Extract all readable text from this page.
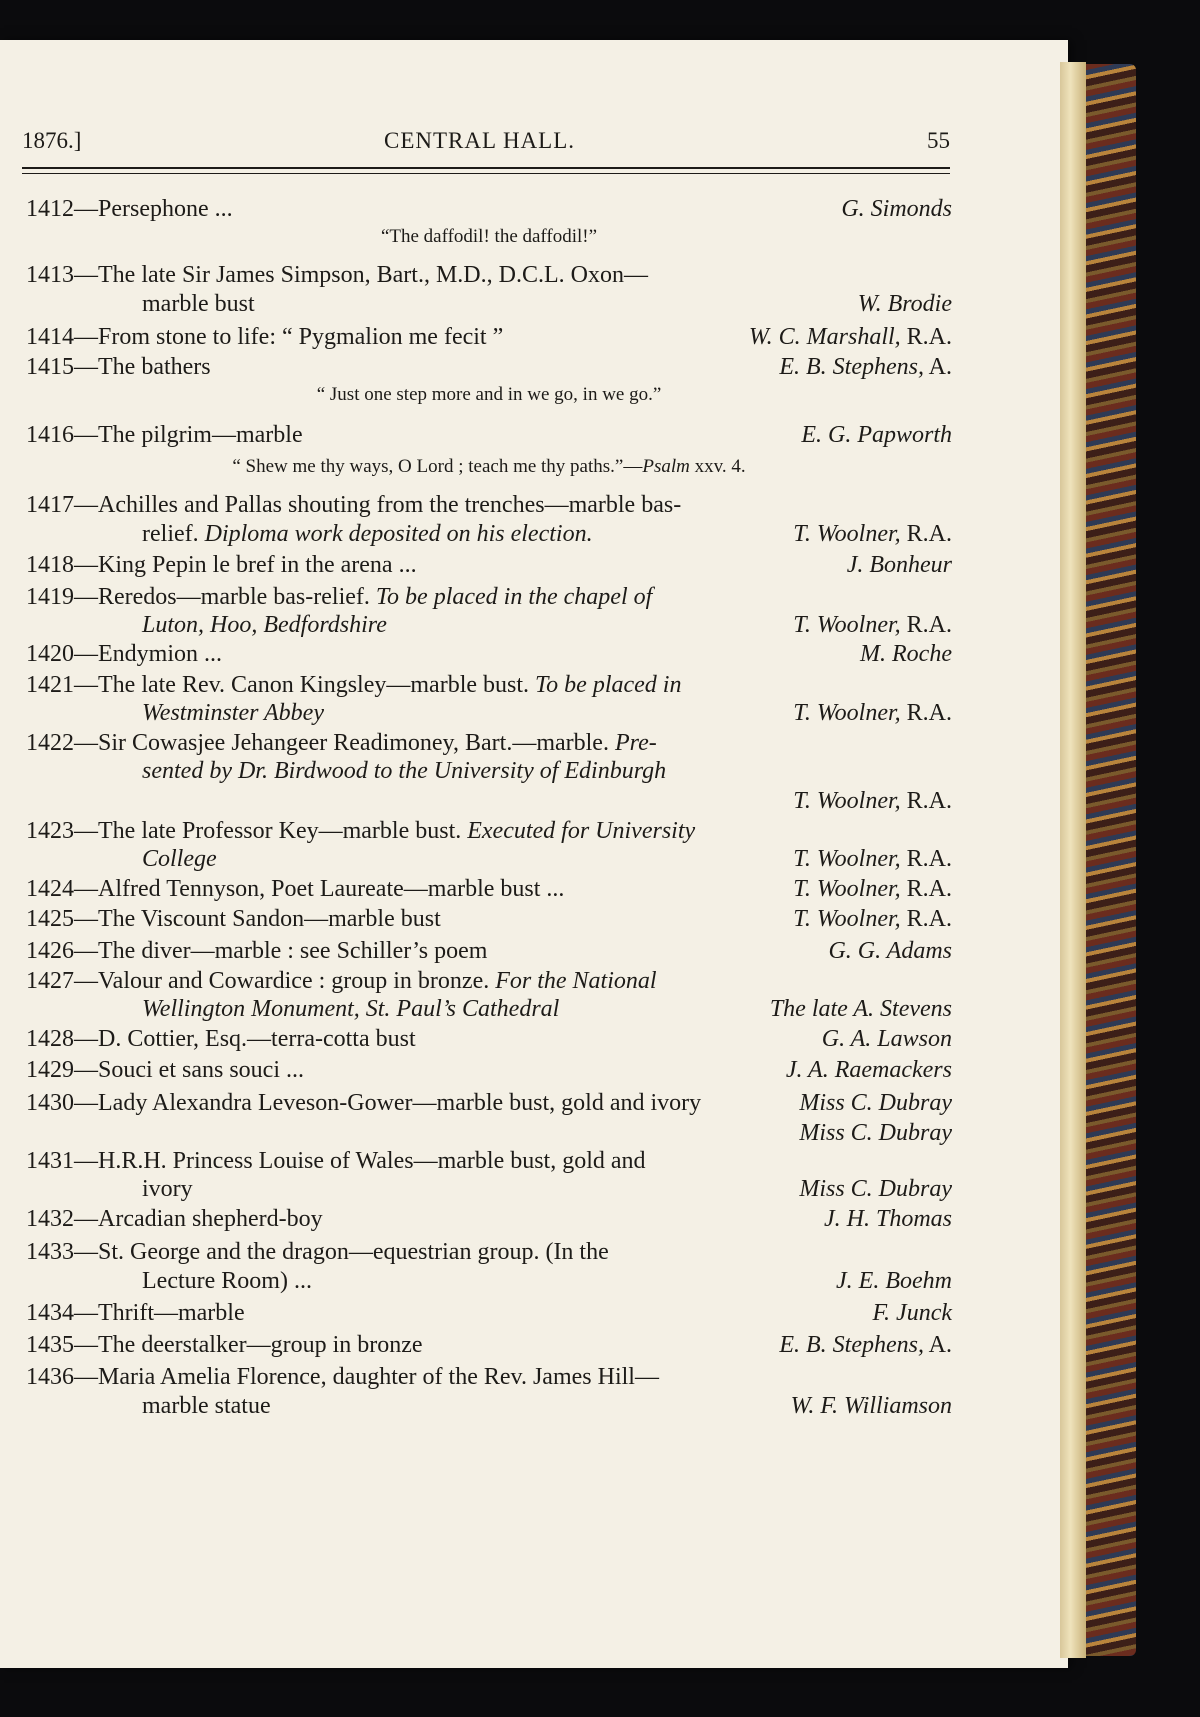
1876.]	CENTRAL HALL.	55
1412—Persephone ...	G. Simonds
“The daffodil! the daffodil!”
1413—The late Sir James Simpson, Bart., M.D., D.C.L. Oxon—
marble bust	W. Brodie
1414—From stone to life: “ Pygmalion me fecit ”	W. C. Marshall, R.A.
1415—The bathers	E. B. Stephens, A.
“ Just one step more and in we go, in we go.”
1416—The pilgrim—marble	E. G. Papworth
“ Shew me thy ways, O Lord ; teach me thy paths.”—Psalm xxv. 4.
1417—Achilles and Pallas shouting from the trenches—marble bas-
relief. Diploma work deposited on his election.	T. Woolner, R.A.
1418—King Pepin le bref in the arena ...	J. Bonheur
1419—Reredos—marble bas-relief. To be placed in the chapel of
Luton, Hoo, Bedfordshire	T. Woolner, R.A.
1420—Endymion ...	M. Roche
1421—The late Rev. Canon Kingsley—marble bust. To be placed in
Westminster Abbey	T. Woolner, R.A.
1422—Sir Cowasjee Jehangeer Readimoney, Bart.—marble. Pre-
sented by Dr. Birdwood to the University of Edinburgh
T. Woolner, R.A.
1423—The late Professor Key—marble bust. Executed for University
College	T. Woolner, R.A.
1424—Alfred Tennyson, Poet Laureate—marble bust ...	T. Woolner, R.A.
1425—The Viscount Sandon—marble bust	T. Woolner, R.A.
1426—The diver—marble : see Schiller’s poem	G. G. Adams
1427—Valour and Cowardice : group in bronze. For the National
Wellington Monument, St. Paul’s Cathedral	The late A. Stevens
1428—D. Cottier, Esq.—terra-cotta bust	G. A. Lawson
1429—Souci et sans souci ...	J. A. Raemackers
1430—Lady Alexandra Leveson-Gower—marble bust, gold and ivory	Miss C. Dubray
Miss C. Dubray
1431—H.R.H. Princess Louise of Wales—marble bust, gold and
ivory	Miss C. Dubray
1432—Arcadian shepherd-boy	J. H. Thomas
1433—St. George and the dragon—equestrian group. (In the
Lecture Room) ...	J. E. Boehm
1434—Thrift—marble	F. Junck
1435—The deerstalker—group in bronze	E. B. Stephens, A.
1436—Maria Amelia Florence, daughter of the Rev. James Hill—
marble statue	W. F. Williamson
